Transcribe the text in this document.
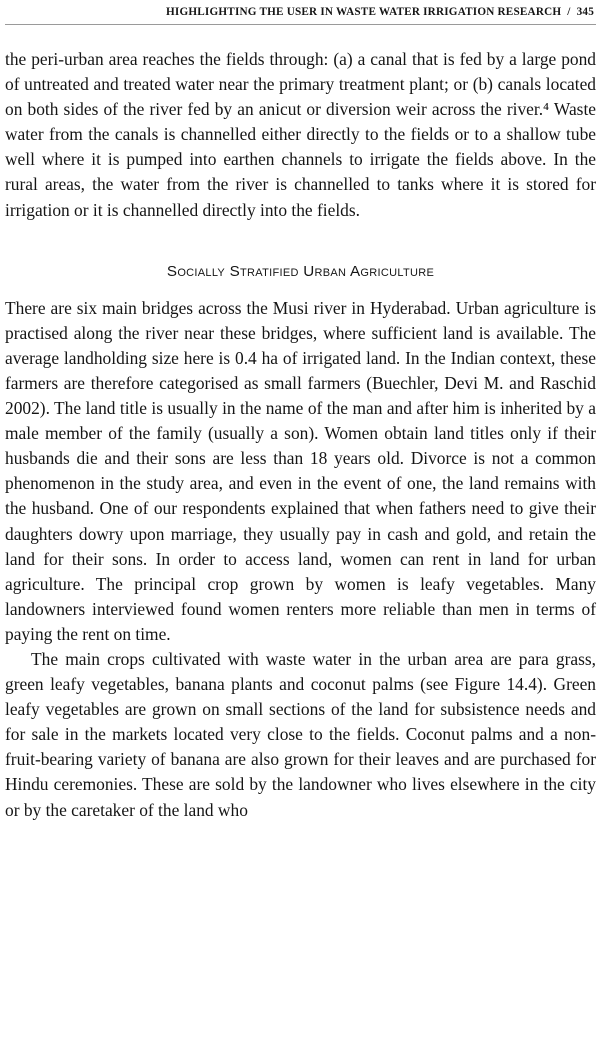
HIGHLIGHTING THE USER IN WASTE WATER IRRIGATION RESEARCH / 345

the peri-urban area reaches the fields through: (a) a canal that is fed by a large pond of untreated and treated water near the primary treatment plant; or (b) canals located on both sides of the river fed by an anicut or diversion weir across the river.⁴ Waste water from the canals is channelled either directly to the fields or to a shallow tube well where it is pumped into earthen channels to irrigate the fields above. In the rural areas, the water from the river is channelled to tanks where it is stored for irrigation or it is channelled directly into the fields.

Socially Stratified Urban Agriculture

There are six main bridges across the Musi river in Hyderabad. Urban agriculture is practised along the river near these bridges, where sufficient land is available. The average landholding size here is 0.4 ha of irrigated land. In the Indian context, these farmers are therefore categorised as small farmers (Buechler, Devi M. and Raschid 2002). The land title is usually in the name of the man and after him is inherited by a male member of the family (usually a son). Women obtain land titles only if their husbands die and their sons are less than 18 years old. Divorce is not a common phenomenon in the study area, and even in the event of one, the land remains with the husband. One of our respondents explained that when fathers need to give their daughters dowry upon marriage, they usually pay in cash and gold, and retain the land for their sons. In order to access land, women can rent in land for urban agriculture. The principal crop grown by women is leafy vegetables. Many landowners interviewed found women renters more reliable than men in terms of paying the rent on time.

The main crops cultivated with waste water in the urban area are para grass, green leafy vegetables, banana plants and coconut palms (see Figure 14.4). Green leafy vegetables are grown on small sections of the land for subsistence needs and for sale in the markets located very close to the fields. Coconut palms and a non-fruit-bearing variety of banana are also grown for their leaves and are purchased for Hindu ceremonies. These are sold by the landowner who lives elsewhere in the city or by the caretaker of the land who
